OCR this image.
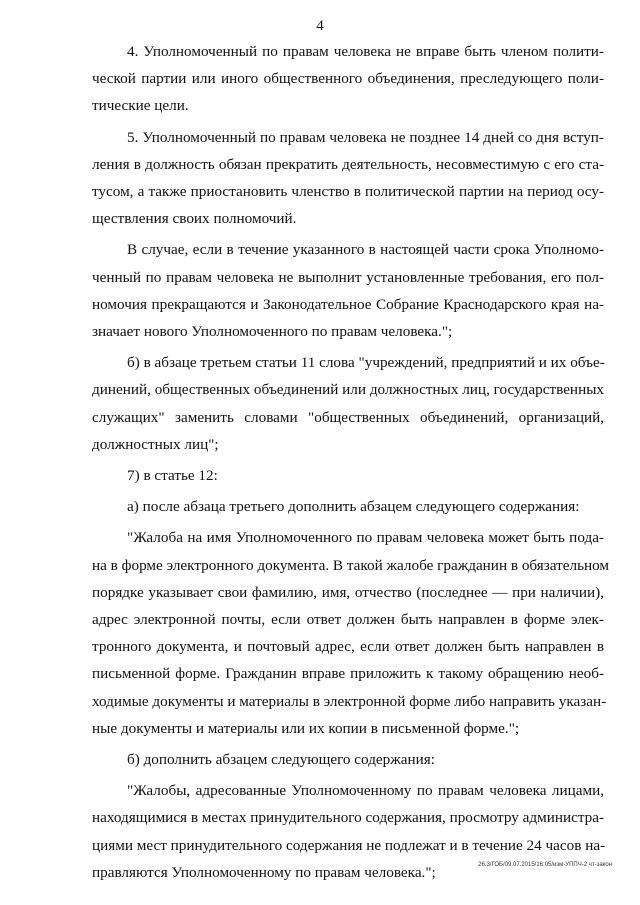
4
4. Уполномоченный по правам человека не вправе быть членом полити-
ческой партии или иного общественного объединения, преследующего поли-
тические цели.
5. Уполномоченный по правам человека не позднее 14 дней со дня вступ-
ления в должность обязан прекратить деятельность, несовместимую с его ста-
тусом, а также приостановить членство в политической партии на период осу-
ществления своих полномочий.
В случае, если в течение указанного в настоящей части срока Уполномо-
ченный по правам человека не выполнит установленные требования, его пол-
номочия прекращаются и Законодательное Собрание Краснодарского края на-
значает нового Уполномоченного по правам человека.";
б) в абзаце третьем статьи 11 слова "учреждений, предприятий и их объе-
динений, общественных объединений или должностных лиц, государственных
служащих" заменить словами "общественных объединений, организаций,
должностных лиц";
7) в статье 12:
а) после абзаца третьего дополнить абзацем следующего содержания:
"Жалоба на имя Уполномоченного по правам человека может быть пода-
на в форме электронного документа. В такой жалобе гражданин в обязательном
порядке указывает свои фамилию, имя, отчество (последнее — при наличии),
адрес электронной почты, если ответ должен быть направлен в форме элек-
тронного документа, и почтовый адрес, если ответ должен быть направлен в
письменной форме. Гражданин вправе приложить к такому обращению необ-
ходимые документы и материалы в электронной форме либо направить указан-
ные документы и материалы или их копии в письменной форме.";
б) дополнить абзацем следующего содержания:
"Жалобы, адресованные Уполномоченному по правам человека лицами,
находящимися в местах принудительного содержания, просмотру администра-
циями мест принудительного содержания не подлежат и в течение 24 часов на-
правляются Уполномоченному по правам человека.";	26.3/ГОБ/09.07.2015/16:05/изм-УППЧ-2 чт-закон
